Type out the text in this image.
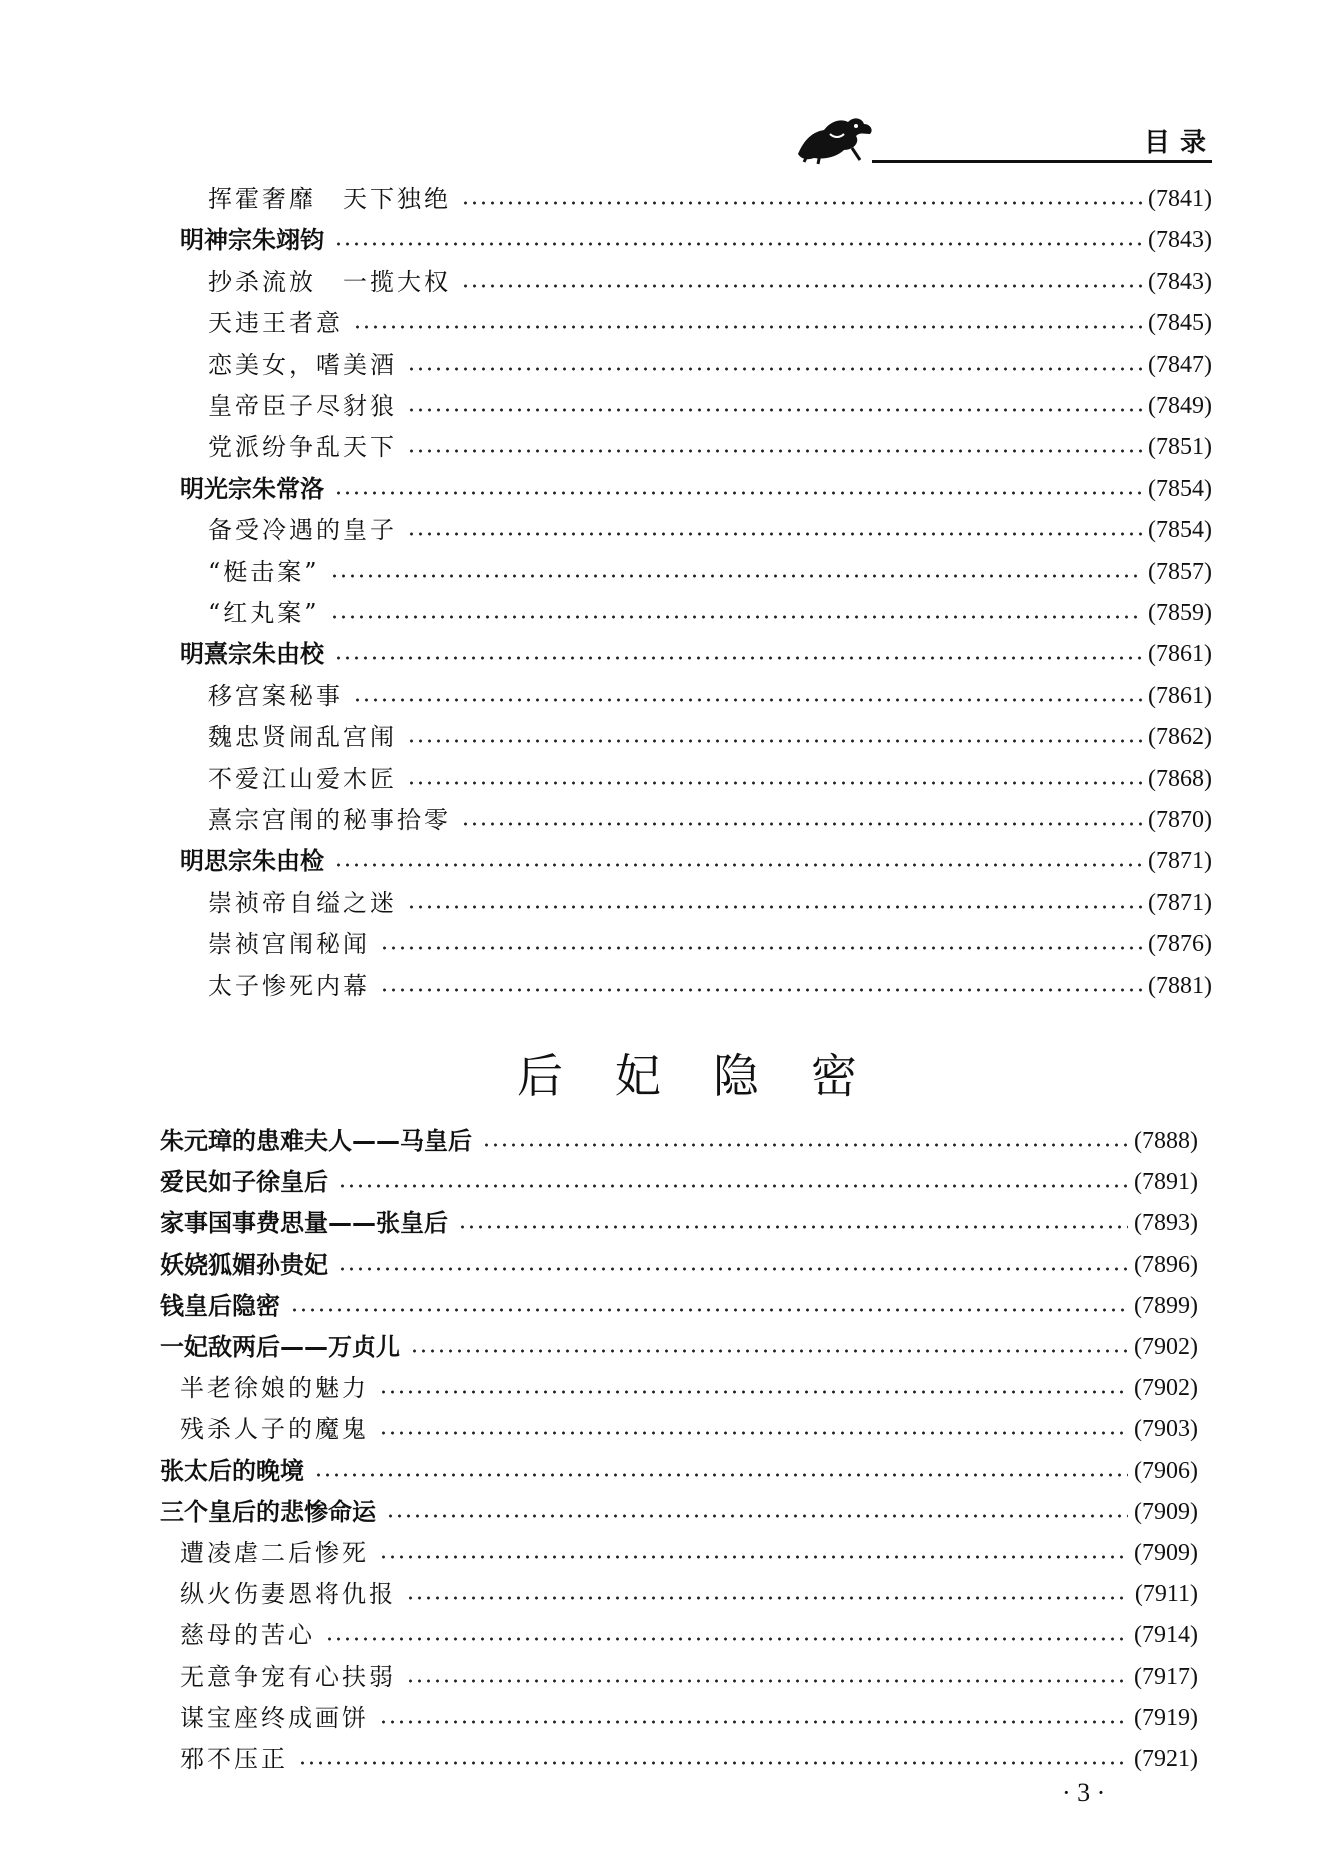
目录
挥霍奢靡　天下独绝	(7841)
明神宗朱翊钧	(7843)
抄杀流放　一揽大权	(7843)
天违王者意	(7845)
恋美女，嗜美酒	(7847)
皇帝臣子尽豺狼	(7849)
党派纷争乱天下	(7851)
明光宗朱常洛	(7854)
备受冷遇的皇子	(7854)
“梃击案”	(7857)
“红丸案”	(7859)
明熹宗朱由校	(7861)
移宫案秘事	(7861)
魏忠贤闹乱宫闱	(7862)
不爱江山爱木匠	(7868)
熹宗宫闱的秘事拾零	(7870)
明思宗朱由检	(7871)
崇祯帝自缢之迷	(7871)
崇祯宫闱秘闻	(7876)
太子惨死内幕	(7881)
朱元璋的患难夫人——马皇后	(7888)
爱民如子徐皇后	(7891)
家事国事费思量——张皇后	(7893)
妖娆狐媚孙贵妃	(7896)
钱皇后隐密	(7899)
一妃敌两后——万贞儿	(7902)
半老徐娘的魅力	(7902)
残杀人子的魔鬼	(7903)
张太后的晚境	(7906)
三个皇后的悲惨命运	(7909)
遭凌虐二后惨死	(7909)
纵火伤妻恩将仇报	(7911)
慈母的苦心	(7914)
无意争宠有心扶弱	(7917)
谋宝座终成画饼	(7919)
邪不压正	(7921)
后妃隐密
· 3 ·
